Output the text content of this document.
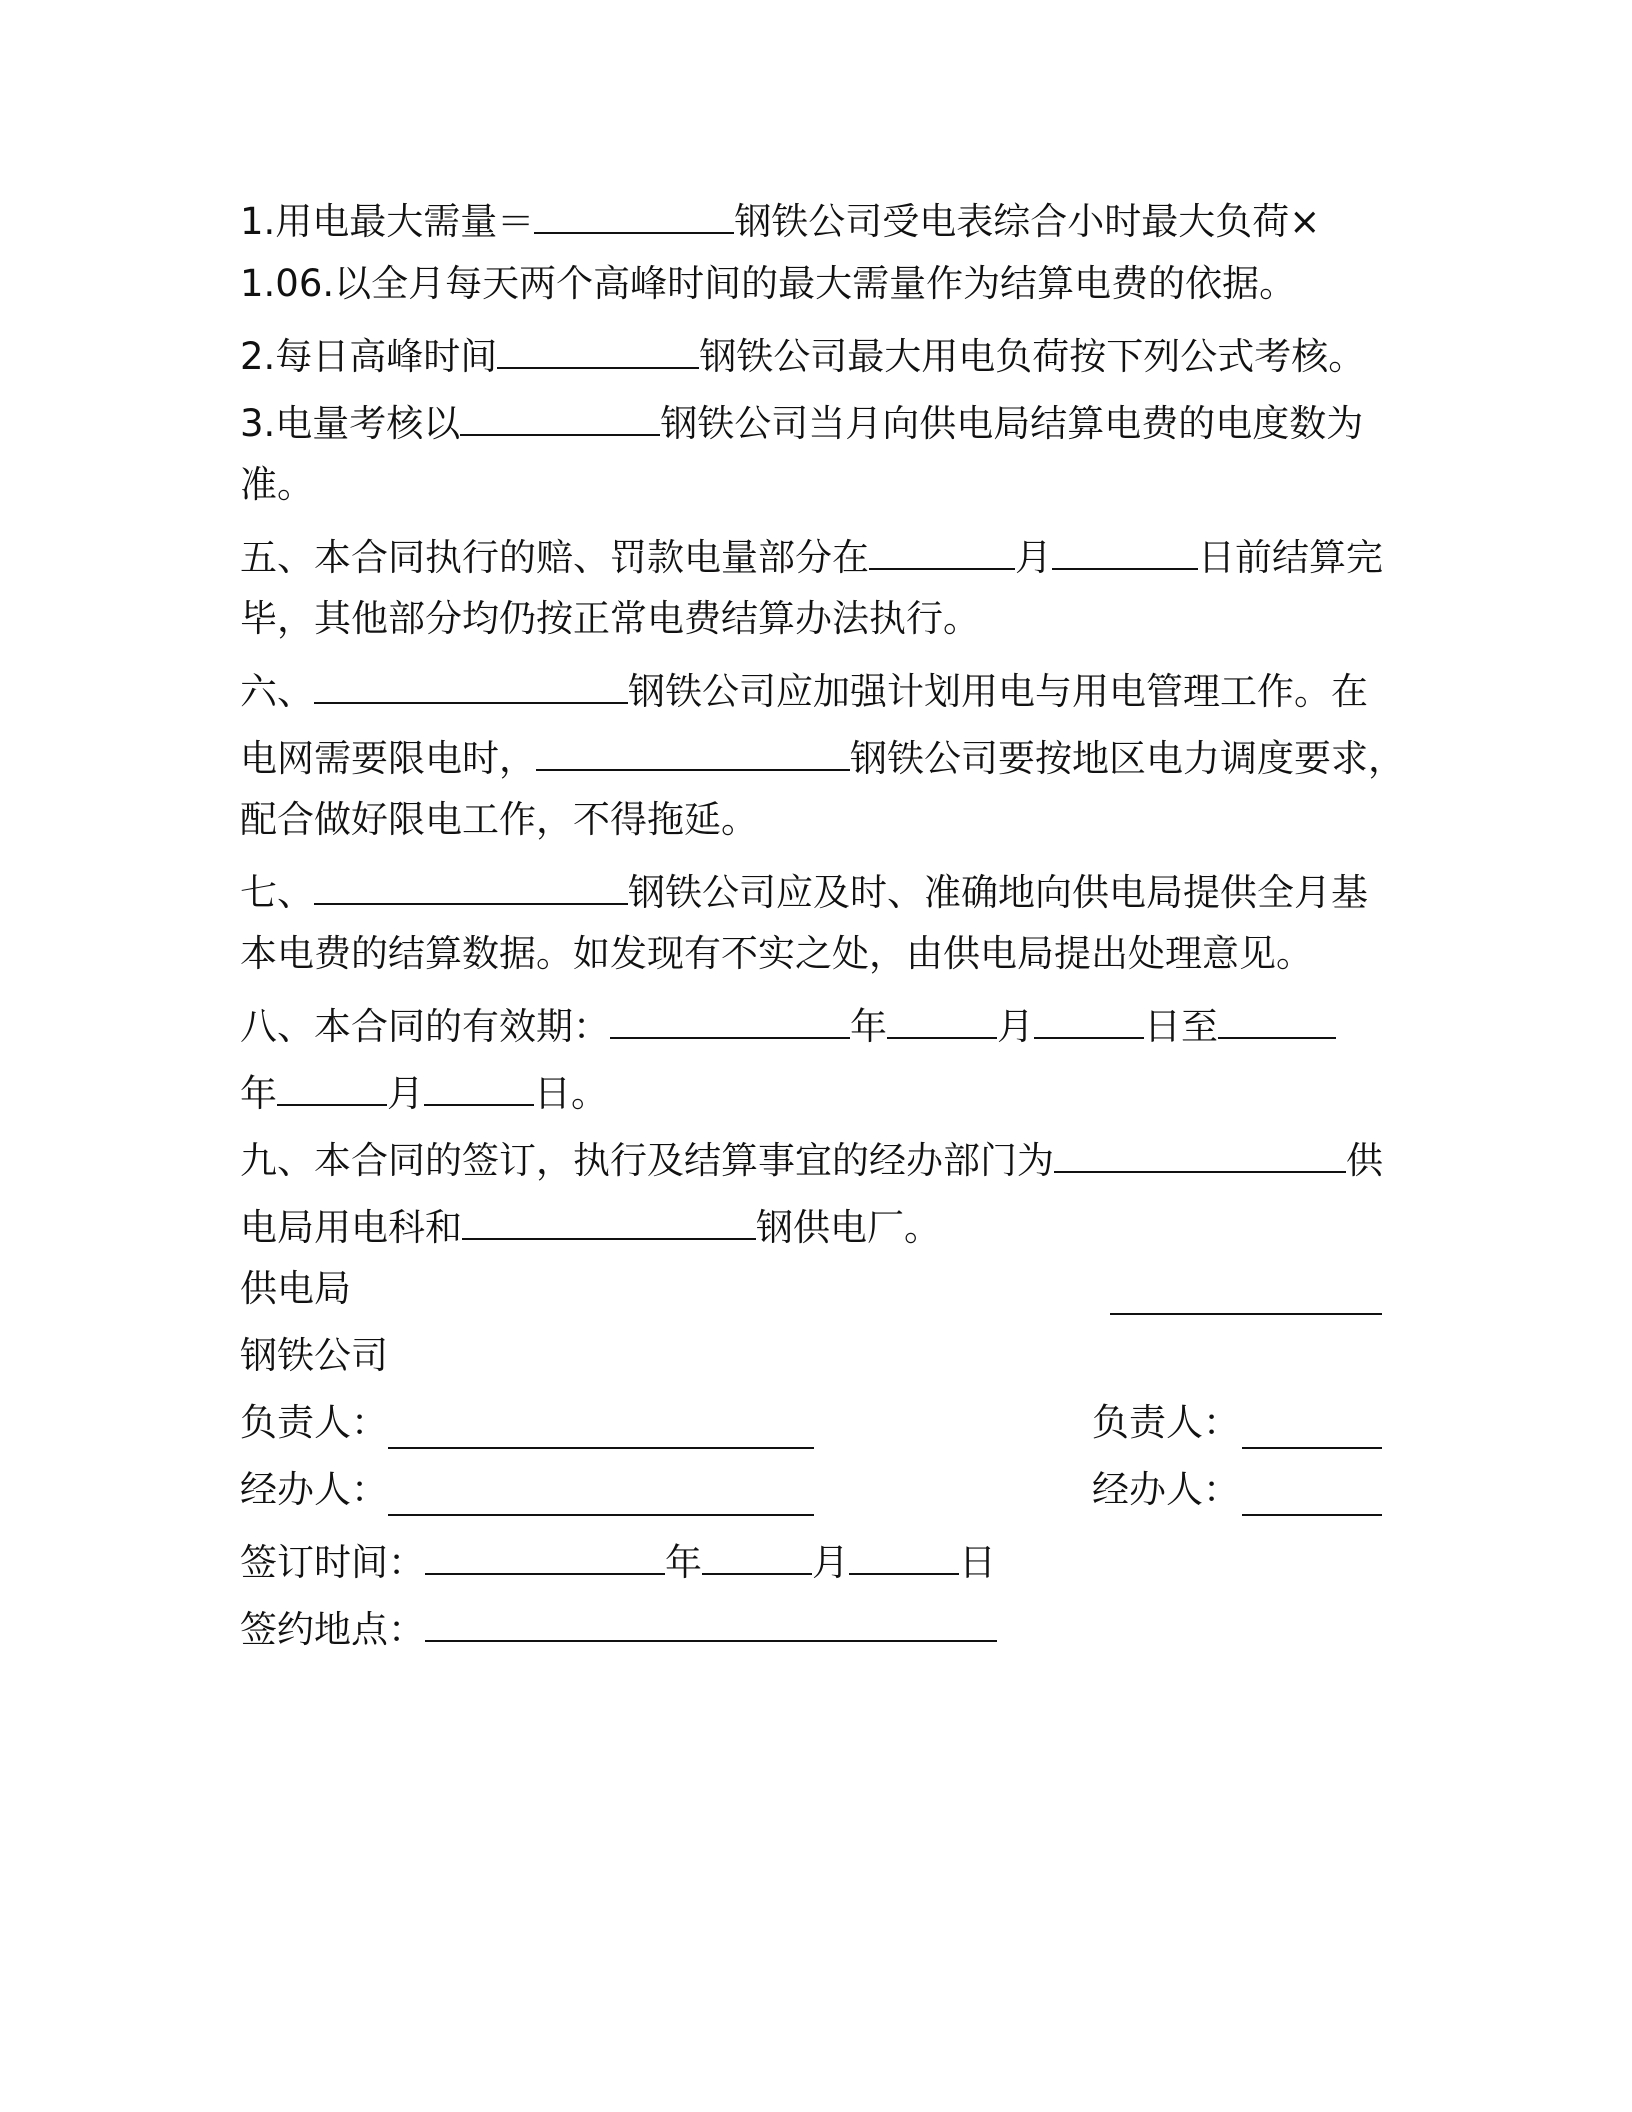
1.用电最大需量＝	钢铁公司受电表综合小时最大负荷×
1.06.以全月每天两个高峰时间的最大需量作为结算电费的依据。
2.每日高峰时间	钢铁公司最大用电负荷按下列公式考核。
3.电量考核以	钢铁公司当月向供电局结算电费的电度数为
准。
五、本合同执行的赔、罚款电量部分在	月	日前结算完
毕，其他部分均仍按正常电费结算办法执行。
六、	钢铁公司应加强计划用电与用电管理工作。在
电网需要限电时，	钢铁公司要按地区电力调度要求，
配合做好限电工作，不得拖延。
七、	钢铁公司应及时、准确地向供电局提供全月基
本电费的结算数据。如发现有不实之处，由供电局提出处理意见。
八、本合同的有效期：	年	月	日至
年	月	日。
九、本合同的签订，执行及结算事宜的经办部门为	供
电局用电科和	钢供电厂。
供电局
钢铁公司
负责人：	负责人：
经办人：	经办人：
签订时间：	年	月	日
签约地点：
